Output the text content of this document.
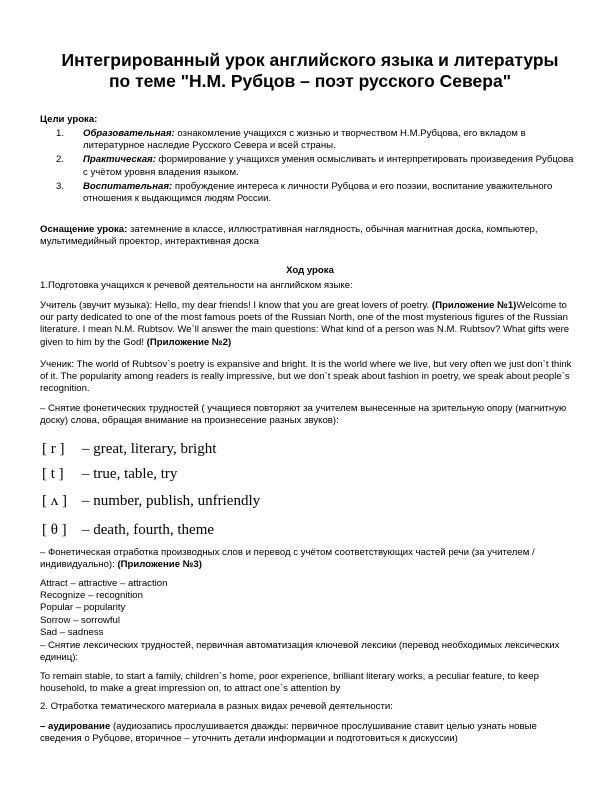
Интегрированный урок английского языка и литературы по теме "Н.М. Рубцов – поэт русского Севера"
Цели урока:
1. Образовательная: ознакомление учащихся с жизнью и творчеством Н.М.Рубцова, его вкладом в литературное наследие Русского Севера и всей страны.
2. Практическая: формирование у учащихся умения осмысливать и интерпретировать произведения Рубцова с учётом уровня владения языком.
3. Воспитательная: пробуждение интереса к личности Рубцова и его поэзии, воспитание уважительного отношения к выдающимся людям России.
Оснащение урока: затемнение в классе, иллюстративная наглядность, обычная магнитная доска, компьютер, мультимедийный проектор, интерактивная доска
Ход урока
1.Подготовка учащихся к речевой деятельности на английском языке:
Учитель (звучит музыка): Hello, my dear friends! I know that you are great lovers of poetry. (Приложение №1)Welcome to our party dedicated to one of the most famous poets of the Russian North, one of the most mysterious figures of the Russian literature. I mean N.M. Rubtsov. We`ll answer the main questions: What kind of a person was N.M. Rubtsov? What gifts were given to him by the God! (Приложение №2)
Ученик: The world of Rubtsov`s poetry is expansive and bright. It is the world where we live, but very often we just don`t think of it. The popularity among readers is really impressive, but we don`t speak about fashion in poetry, we speak about people`s recognition.
– Снятие фонетических трудностей ( учащиеся повторяют за учителем вынесенные на зрительную опору (магнитную доску) слова, обращая внимание на произнесение разных звуков):
[ r ] – great, literary, bright
[ t ] – true, table, try
[ ʌ ] – number, publish, unfriendly
[ θ ] – death, fourth, theme
– Фонетическая отработка производных слов и перевод с учётом соответствующих частей речи (за учителем / индивидуально): (Приложение №3)
Attract – attractive – attraction
Recognize – recognition
Popular – popularity
Sorrow – sorrowful
Sad – sadness
– Снятие лексических трудностей, первичная автоматизация ключевой лексики (перевод необходимых лексических единиц):
To remain stable, to start a family, children`s home, poor experience, brilliant literary works, a peculiar feature, to keep household, to make a great impression on, to attract one`s attention by
2. Отработка тематического материала в разных видах речевой деятельности:
– аудирование (аудиозапись прослушивается дважды: первичное прослушивание ставит целью узнать новые сведения о Рубцове, вторичное – уточнить детали информации и подготовиться к дискуссии)
